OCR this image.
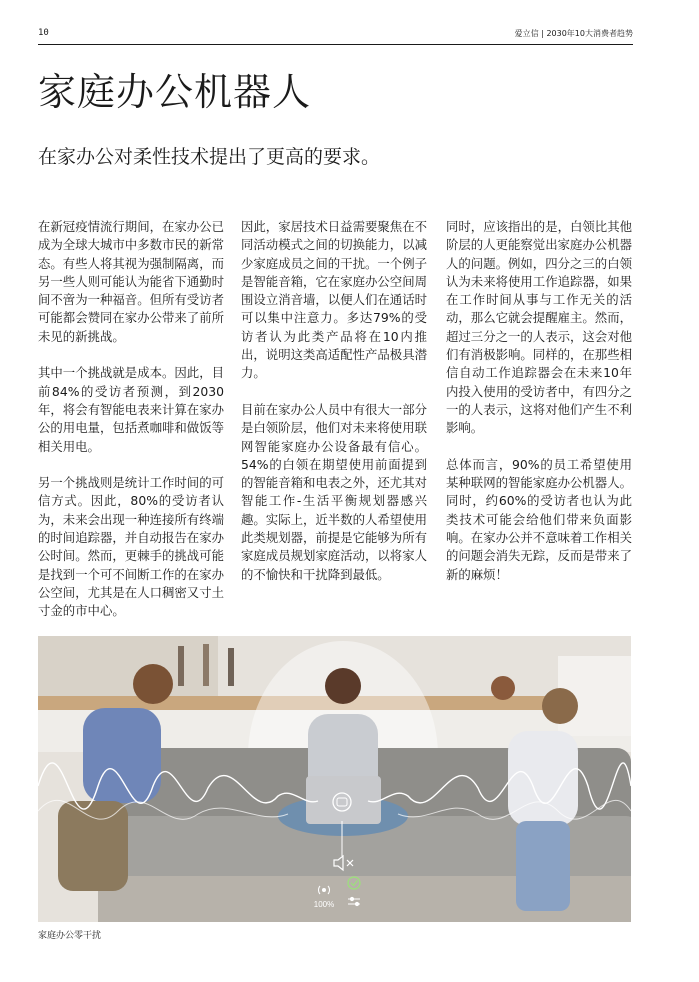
10	爱立信 | 2030年10大消费者趋势
家庭办公机器人
在家办公对柔性技术提出了更高的要求。

在新冠疫情流行期间，在家办公已成为全球大城市中多数市民的新常态。有些人将其视为强制隔离，而另一些人则可能认为能省下通勤时间不啻为一种福音。但所有受访者可能都会赞同在家办公带来了前所未见的新挑战。

其中一个挑战就是成本。因此，目前84%的受访者预测，到2030年，将会有智能电表来计算在家办公的用电量，包括煮咖啡和做饭等相关用电。

另一个挑战则是统计工作时间的可信方式。因此，80%的受访者认为，未来会出现一种连接所有终端的时间追踪器，并自动报告在家办公时间。然而，更棘手的挑战可能是找到一个可不间断工作的在家办公空间，尤其是在人口稠密又寸土寸金的市中心。

因此，家居技术日益需要聚焦在不同活动模式之间的切换能力，以减少家庭成员之间的干扰。一个例子是智能音箱，它在家庭办公空间周围设立消音墙，以便人们在通话时可以集中注意力。多达79%的受访者认为此类产品将在10内推出，说明这类高适配性产品极具潜力。

目前在家办公人员中有很大一部分是白领阶层，他们对未来将使用联网智能家庭办公设备最有信心。54%的白领在期望使用前面提到的智能音箱和电表之外，还尤其对智能工作-生活平衡规划器感兴趣。实际上，近半数的人希望使用此类规划器，前提是它能够为所有家庭成员规划家庭活动，以将家人的不愉快和干扰降到最低。

同时，应该指出的是，白领比其他阶层的人更能察觉出家庭办公机器人的问题。例如，四分之三的白领认为未来将使用工作追踪器，如果在工作时间从事与工作无关的活动，那么它就会提醒雇主。然而，超过三分之一的人表示，这会对他们有消极影响。同样的，在那些相信自动工作追踪器会在未来10年内投入使用的受访者中，有四分之一的人表示，这将对他们产生不利影响。

总体而言，90%的员工希望使用某种联网的智能家庭办公机器人。同时，约60%的受访者也认为此类技术可能会给他们带来负面影响。在家办公并不意味着工作相关的问题会消失无踪，反而是带来了新的麻烦！

100%
家庭办公零干扰
